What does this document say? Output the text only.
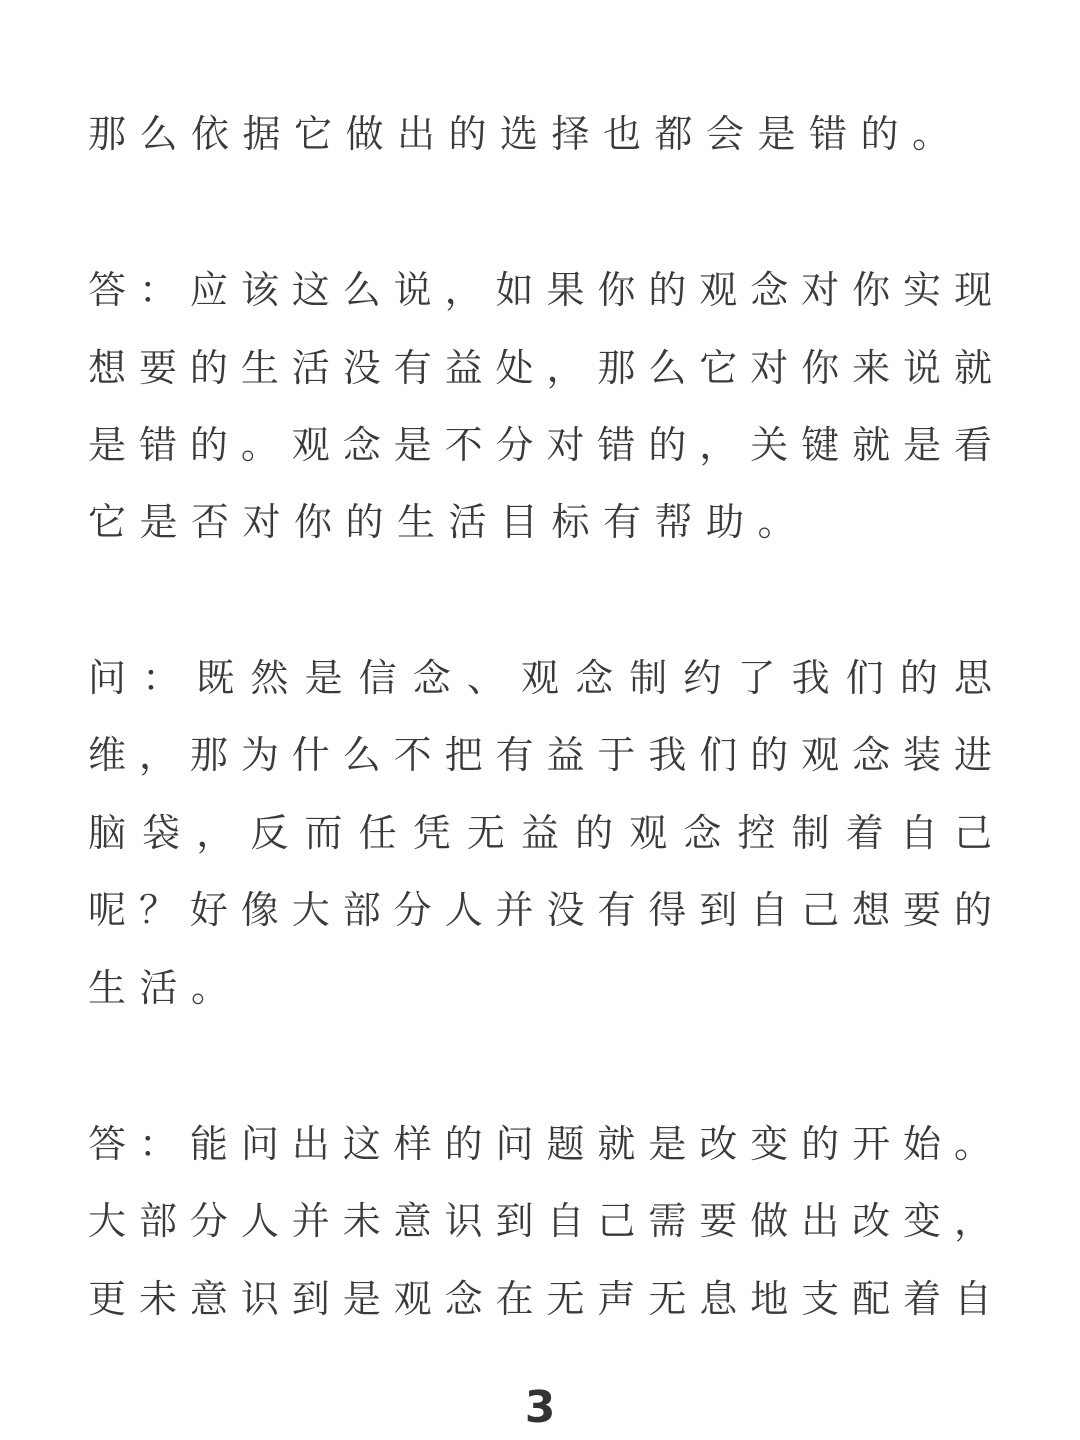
那么依据它做出的选择也都会是错的。
答：应该这么说，如果你的观念对你实现
想要的生活没有益处，那么它对你来说就
是错的。观念是不分对错的，关键就是看
它是否对你的生活目标有帮助。
问：既然是信念、观念制约了我们的思
维，那为什么不把有益于我们的观念装进
脑袋，反而任凭无益的观念控制着自己
呢？好像大部分人并没有得到自己想要的
生活。
答：能问出这样的问题就是改变的开始。
大部分人并未意识到自己需要做出改变，
更未意识到是观念在无声无息地支配着自
3
